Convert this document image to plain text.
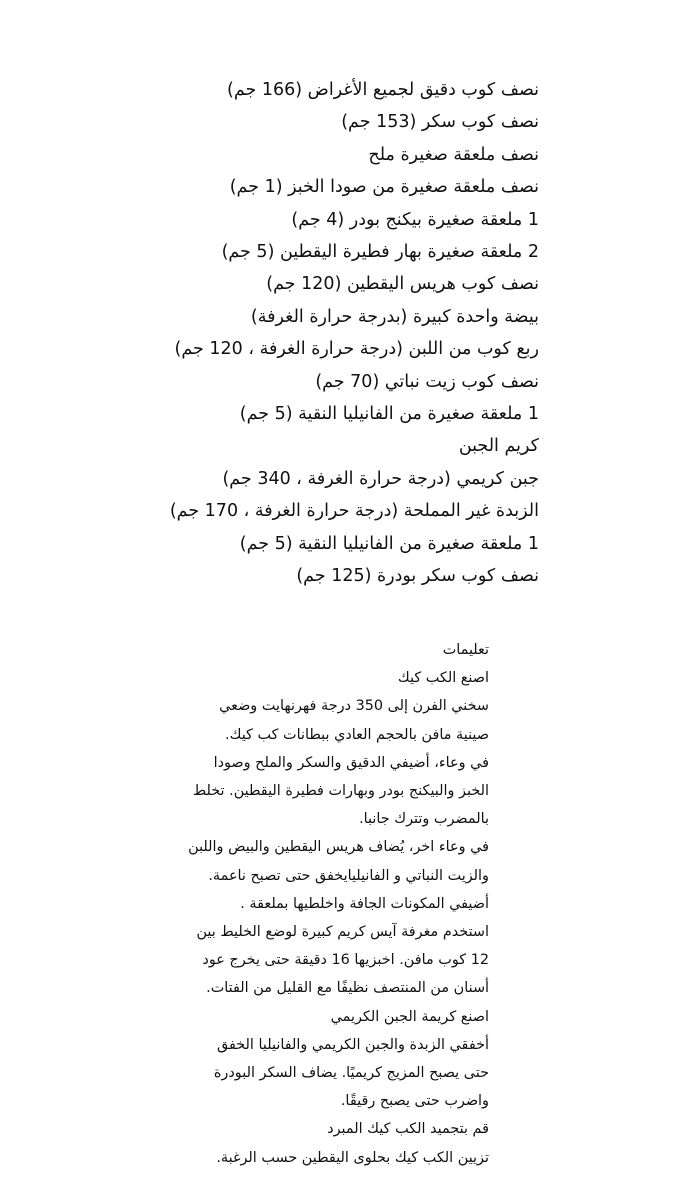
نصف كوب دقيق لجميع الأغراض (166 جم)
نصف كوب سكر (153 جم)
نصف ملعقة صغيرة ملح
نصف ملعقة صغيرة من صودا الخبز (1 جم)
1 ملعقة صغيرة بيكنج بودر (4 جم)
2 ملعقة صغيرة بهار فطيرة اليقطين (5 جم)
نصف كوب هريس اليقطين (120 جم)
بيضة واحدة كبيرة (بدرجة حرارة الغرفة)
ربع كوب من اللبن (درجة حرارة الغرفة ، 120 جم)
نصف كوب زيت نباتي (70 جم)
1 ملعقة صغيرة من الفانيليا النقية (5 جم)
كريم الجبن
جبن كريمي (درجة حرارة الغرفة ، 340 جم)
الزبدة غير المملحة (درجة حرارة الغرفة ، 170 جم)
1 ملعقة صغيرة من الفانيليا النقية (5 جم)
نصف كوب سكر بودرة (125 جم)
تعليمات
اصنع الكب كيك
سخني الفرن إلى 350 درجة فهرنهايت وضعي
صينية مافن بالحجم العادي ببطانات كب كيك.
في وعاء، أضيفي الدقيق والسكر والملح وصودا
الخبز والبيكنج بودر وبهارات فطيرة اليقطين. تخلط
بالمضرب وتترك جانبا.
في وعاء اخر، يُضاف هريس اليقطين والبيض واللبن
والزيت النباتي و الفانيليايخفق حتى تصبح ناعمة.
أضيفي المكونات الجافة واخلطيها بملعقة .
استخدم مغرفة آيس كريم كبيرة لوضع الخليط بين
12 كوب مافن. اخبزيها 16 دقيقة حتى يخرج عود
أسنان من المنتصف نظيفًا مع القليل من الفتات.
اصنع كريمة الجبن الكريمي
أخفقي الزبدة والجبن الكريمي والفانيليا الخفق
حتى يصبح المزيج كريميًا. يضاف السكر البودرة
واضرب حتى يصبح رقيقًا.
قم بتجميد الكب كيك المبرد
تزيين الكب كيك بحلوى اليقطين حسب الرغبة.
